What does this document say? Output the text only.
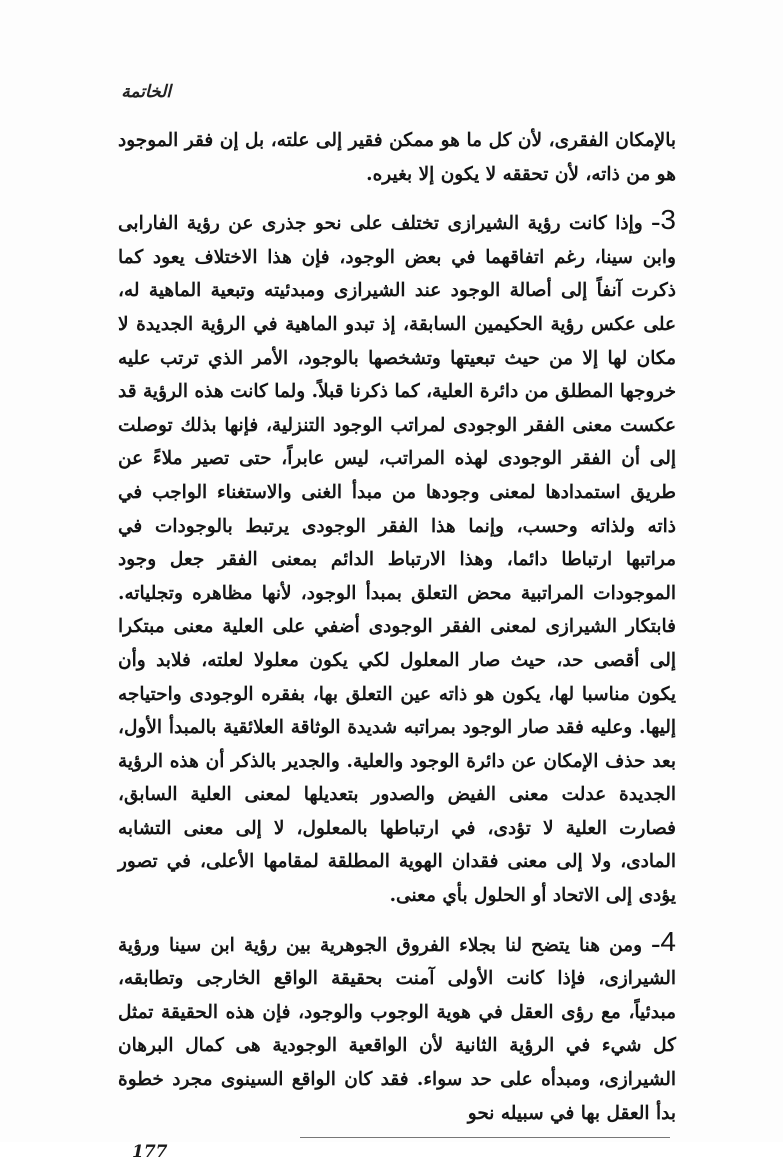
الخاتمة

بالإمكان الفقرى، لأن كل ما هو ممكن فقير إلى علته، بل إن فقر الموجود هو من ذاته، لأن تحققه لا يكون إلا بغيره.

3– وإذا كانت رؤية الشيرازى تختلف على نحو جذرى عن رؤية الفارابى وابن سينا، رغم اتفاقهما في بعض الوجود، فإن هذا الاختلاف يعود كما ذكرت آنفاً إلى أصالة الوجود عند الشيرازى ومبدئيته وتبعية الماهية له، على عكس رؤية الحكيمين السابقة، إذ تبدو الماهية في الرؤية الجديدة لا مكان لها إلا من حيث تبعيتها وتشخصها بالوجود، الأمر الذي ترتب عليه خروجها المطلق من دائرة العلية، كما ذكرنا قبلاً. ولما كانت هذه الرؤية قد عكست معنى الفقر الوجودى لمراتب الوجود التنزلية، فإنها بذلك توصلت إلى أن الفقر الوجودى لهذه المراتب، ليس عابراً، حتى تصير ملاءً عن طريق استمدادها لمعنى وجودها من مبدأ الغنى والاستغناء الواجب في ذاته ولذاته وحسب، وإنما هذا الفقر الوجودى يرتبط بالوجودات في مراتبها ارتباطا دائما، وهذا الارتباط الدائم بمعنى الفقر جعل وجود الموجودات المراتبية محض التعلق بمبدأ الوجود، لأنها مظاهره وتجلياته. فابتكار الشيرازى لمعنى الفقر الوجودى أضفي على العلية معنى مبتكرا إلى أقصى حد، حيث صار المعلول لكي يكون معلولا لعلته، فلابد وأن يكون مناسبا لها، يكون هو ذاته عين التعلق بها، بفقره الوجودى واحتياجه إليها. وعليه فقد صار الوجود بمراتبه شديدة الوثاقة العلائقية بالمبدأ الأول، بعد حذف الإمكان عن دائرة الوجود والعلية. والجدير بالذكر أن هذه الرؤية الجديدة عدلت معنى الفيض والصدور بتعديلها لمعنى العلية السابق، فصارت العلية لا تؤدى، في ارتباطها بالمعلول، لا إلى معنى التشابه المادى، ولا إلى معنى فقدان الهوية المطلقة لمقامها الأعلى، في تصور يؤدى إلى الاتحاد أو الحلول بأي معنى.

4– ومن هنا يتضح لنا بجلاء الفروق الجوهرية بين رؤية ابن سينا ورؤية الشيرازى، فإذا كانت الأولى آمنت بحقيقة الواقع الخارجى وتطابقه، مبدئياً، مع رؤى العقل في هوية الوجوب والوجود، فإن هذه الحقيقة تمثل كل شيء في الرؤية الثانية لأن الواقعية الوجودية هى كمال البرهان الشيرازى، ومبدأه على حد سواء. فقد كان الواقع السينوى مجرد خطوة بدأ العقل بها في سبيله نحو

177
